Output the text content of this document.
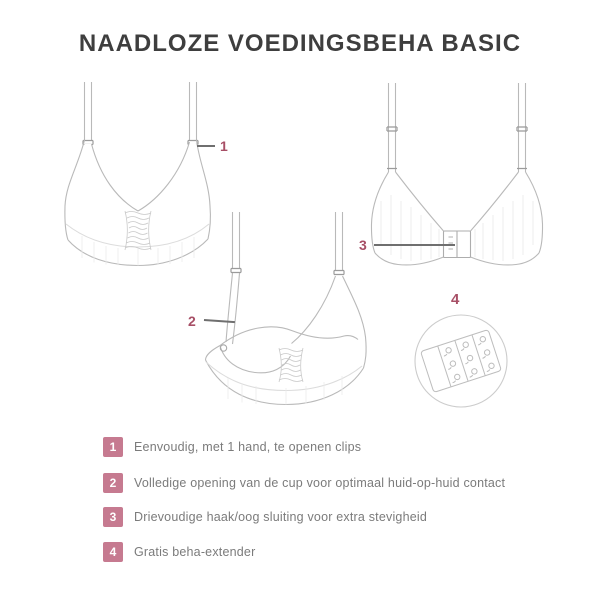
NAADLOZE VOEDINGSBEHA BASIC
1
2
3
4
1	Eenvoudig, met 1 hand, te openen clips
2	Volledige opening van de cup voor optimaal huid-op-huid contact
3	Drievoudige haak/oog sluiting voor extra stevigheid
4	Gratis beha-extender
